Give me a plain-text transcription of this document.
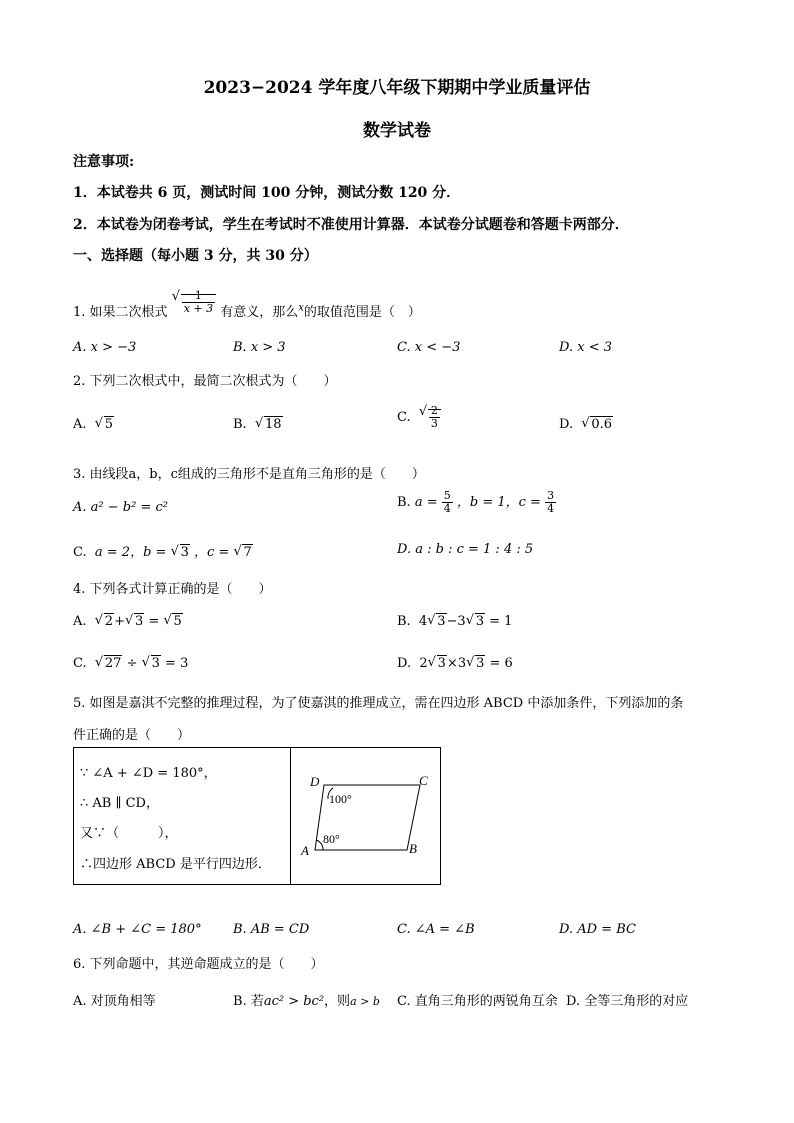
2023−2024 学年度八年级下期期中学业质量评估
数学试卷
注意事项:
1．本试卷共 6 页，测试时间 100 分钟，测试分数 120 分．
2．本试卷为闭卷考试，学生在考试时不准使用计算器．本试卷分试题卷和答题卡两部分．
一、选择题（每小题 3 分，共 30 分）
1. 如果二次根式 √ $\frac{1}{x + 3}$ 有意义，那么$^x$的取值范围是（　）
A. x > −3	B. x > 3	C. x < −3	D. x < 3
2. 下列二次根式中，最简二次根式为（　　）
A. √ 5	B. √ 18	C. √ $\frac{2}{3}$	D. √ 0.6
3. 由线段a，b，c组成的三角形不是直角三角形的是（　　）
A. a² − b² = c²	B. $a = \frac{5}{4}$ ，b = 1，$c = \frac{3}{4}$
C. a = 2，b = √ 3 ，c = √ 7	D. a : b : c = 1 : 4 : 5
4. 下列各式计算正确的是（　　）
A. √ 2+ √ 3 = √ 5	B. 4 √ 3−3 √ 3 = 1
C. √ 27 ÷ √ 3 = 3	D. 2 √ 3×3 √ 3 = 6
5. 如图是嘉淇不完整的推理过程，为了使嘉淇的推理成立，需在四边形 ABCD 中添加条件，下列添加的条
件正确的是（　　）
∵ ∠A + ∠D = 180°，
∴ AB ∥ CD，
又∵（　　　），
∴四边形 ABCD 是平行四边形．
D	C
A	B
100°
80°
A. ∠B + ∠C = 180° B. AB = CD	C. ∠A = ∠B	D. AD = BC
6. 下列命题中，其逆命题成立的是（　　）
A. 对顶角相等	B. 若ac² > bc²，则a > b C. 直角三角形的两锐角互余 D. 全等三角形的对应
